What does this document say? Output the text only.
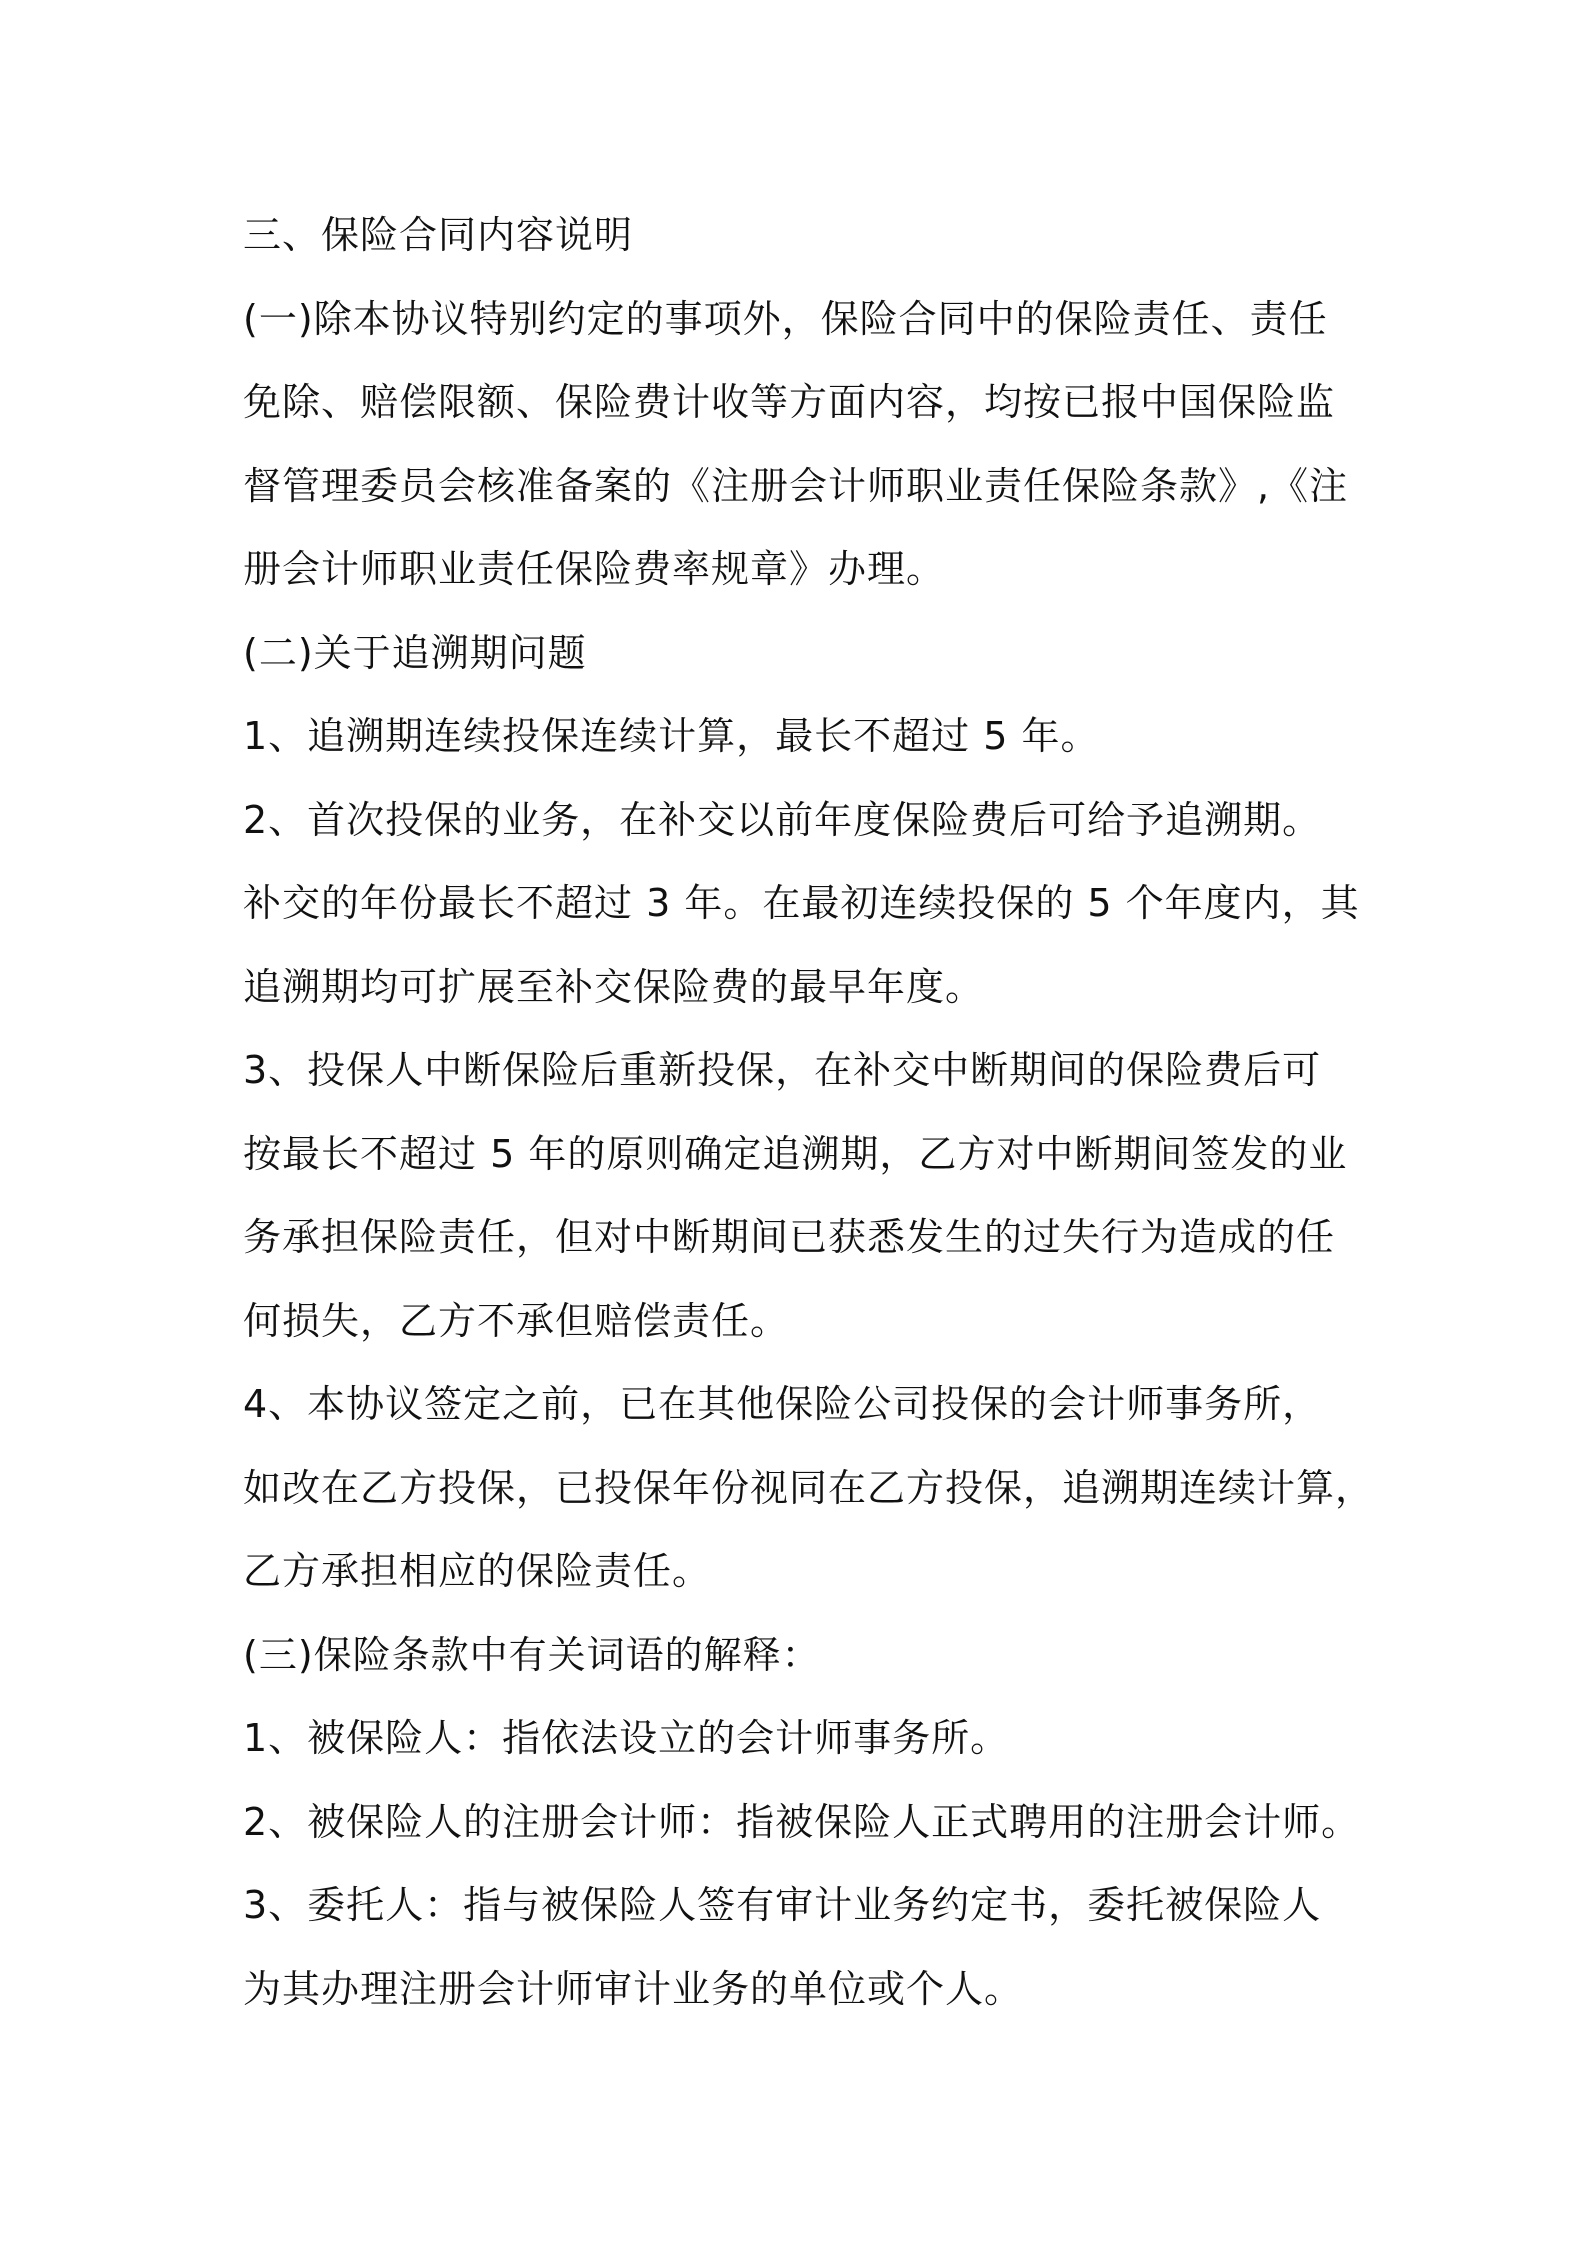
三、保险合同内容说明
(一)除本协议特别约定的事项外，保险合同中的保险责任、责任
免除、赔偿限额、保险费计收等方面内容，均按已报中国保险监
督管理委员会核准备案的《注册会计师职业责任保险条款》,《注
册会计师职业责任保险费率规章》办理。
(二)关于追溯期问题
1、追溯期连续投保连续计算，最长不超过 5 年。
2、首次投保的业务，在补交以前年度保险费后可给予追溯期。
补交的年份最长不超过 3 年。在最初连续投保的 5 个年度内，其
追溯期均可扩展至补交保险费的最早年度。
3、投保人中断保险后重新投保，在补交中断期间的保险费后可
按最长不超过 5 年的原则确定追溯期，乙方对中断期间签发的业
务承担保险责任，但对中断期间已获悉发生的过失行为造成的任
何损失，乙方不承但赔偿责任。
4、本协议签定之前，已在其他保险公司投保的会计师事务所，
如改在乙方投保，已投保年份视同在乙方投保，追溯期连续计算，
乙方承担相应的保险责任。
(三)保险条款中有关词语的解释：
1、被保险人：指依法设立的会计师事务所。
2、被保险人的注册会计师：指被保险人正式聘用的注册会计师。
3、委托人：指与被保险人签有审计业务约定书，委托被保险人
为其办理注册会计师审计业务的单位或个人。
